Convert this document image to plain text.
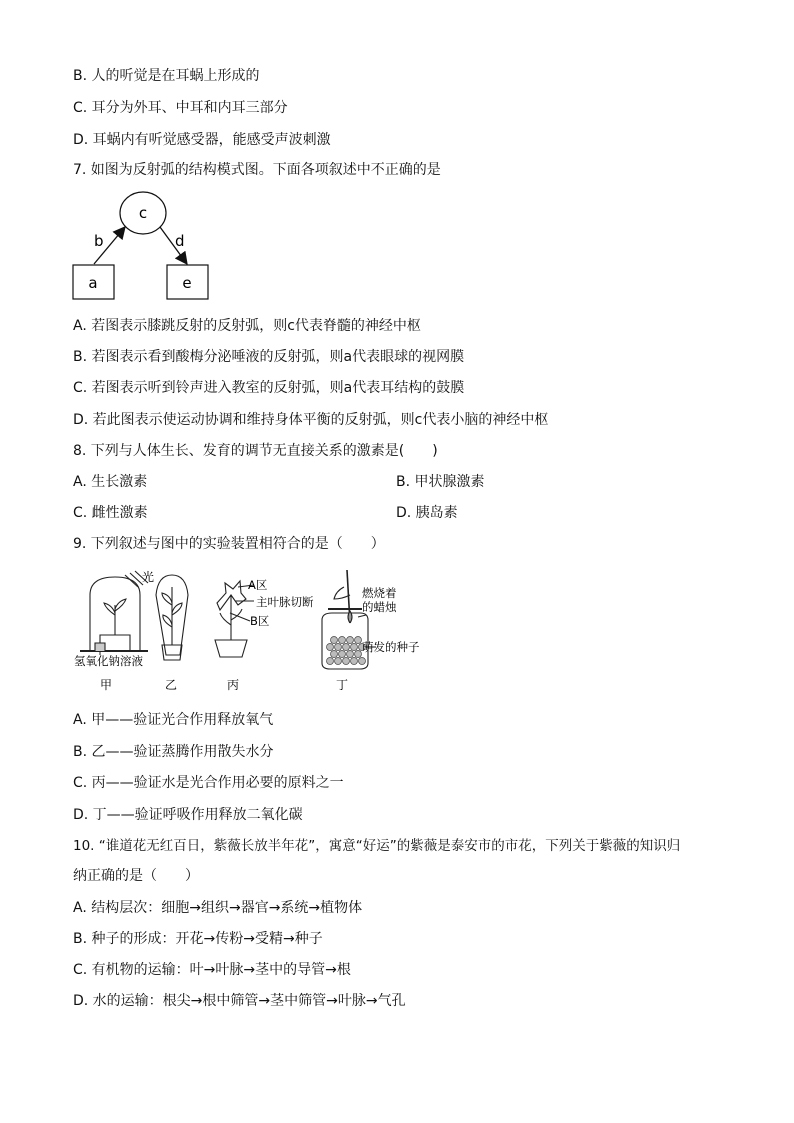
B. 人的听觉是在耳蜗上形成的
C. 耳分为外耳、中耳和内耳三部分
D. 耳蜗内有听觉感受器，能感受声波刺激
7. 如图为反射弧的结构模式图。下面各项叙述中不正确的是
c
a	e
b	d
A. 若图表示膝跳反射的反射弧，则c代表脊髓的神经中枢
B. 若图表示看到酸梅分泌唾液的反射弧，则a代表眼球的视网膜
C. 若图表示听到铃声进入教室的反射弧，则a代表耳结构的鼓膜
D. 若此图表示使运动协调和维持身体平衡的反射弧，则c代表小脑的神经中枢
8. 下列与人体生长、发育的调节无直接关系的激素是(　　)
A. 生长激素	B. 甲状腺激素
C. 雌性激素	D. 胰岛素
9. 下列叙述与图中的实验装置相符合的是（　　）
光
氢氧化钠溶液
甲	乙
A区
主叶脉切断
B区
丙
燃烧着
的蜡烛
萌发的种子
丁
A. 甲——验证光合作用释放氧气
B. 乙——验证蒸腾作用散失水分
C. 丙——验证水是光合作用必要的原料之一
D. 丁——验证呼吸作用释放二氧化碳
10. “谁道花无红百日，紫薇长放半年花”，寓意“好运”的紫薇是泰安市的市花，下列关于紫薇的知识归
纳正确的是（　　）
A. 结构层次：细胞→组织→器官→系统→植物体
B. 种子的形成：开花→传粉→受精→种子
C. 有机物的运输：叶→叶脉→茎中的导管→根
D. 水的运输：根尖→根中筛管→茎中筛管→叶脉→气孔
